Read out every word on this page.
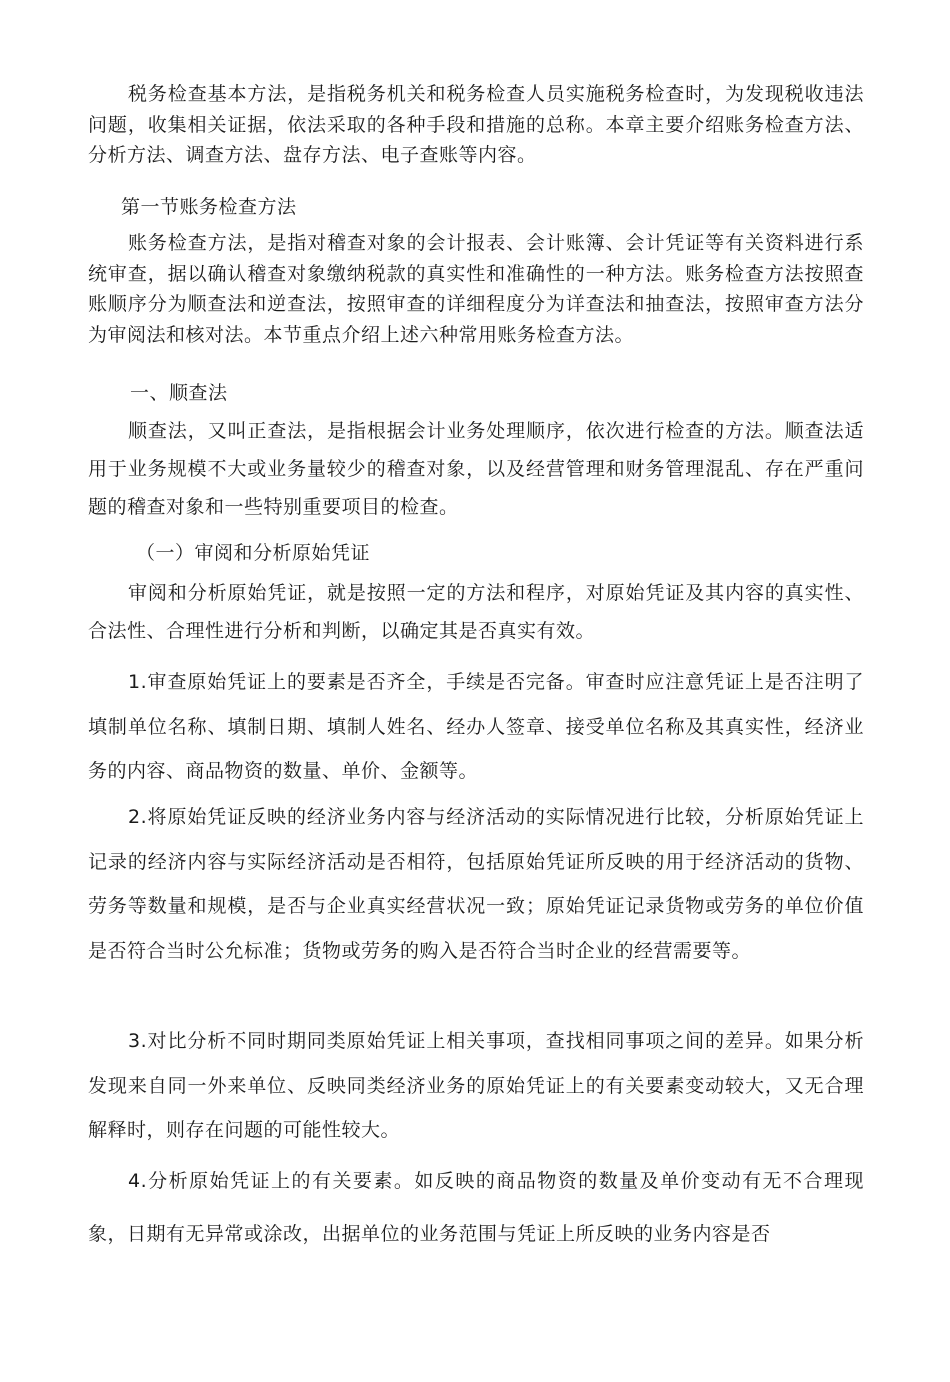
税务检查基本方法，是指税务机关和税务检查人员实施税务检查时，为发现税收违法问题，收集相关证据，依法采取的各种手段和措施的总称。本章主要介绍账务检查方法、分析方法、调查方法、盘存方法、电子查账等内容。

第一节账务检查方法

账务检查方法，是指对稽查对象的会计报表、会计账簿、会计凭证等有关资料进行系统审查，据以确认稽查对象缴纳税款的真实性和准确性的一种方法。账务检查方法按照查账顺序分为顺查法和逆查法，按照审查的详细程度分为详查法和抽查法，按照审查方法分为审阅法和核对法。本节重点介绍上述六种常用账务检查方法。

一、顺查法

顺查法，又叫正查法，是指根据会计业务处理顺序，依次进行检查的方法。顺查法适用于业务规模不大或业务量较少的稽查对象，以及经营管理和财务管理混乱、存在严重问题的稽查对象和一些特别重要项目的检查。

（一）审阅和分析原始凭证

审阅和分析原始凭证，就是按照一定的方法和程序，对原始凭证及其内容的真实性、合法性、合理性进行分析和判断，以确定其是否真实有效。

1.审查原始凭证上的要素是否齐全，手续是否完备。审查时应注意凭证上是否注明了填制单位名称、填制日期、填制人姓名、经办人签章、接受单位名称及其真实性，经济业务的内容、商品物资的数量、单价、金额等。

2.将原始凭证反映的经济业务内容与经济活动的实际情况进行比较，分析原始凭证上记录的经济内容与实际经济活动是否相符，包括原始凭证所反映的用于经济活动的货物、劳务等数量和规模，是否与企业真实经营状况一致；原始凭证记录货物或劳务的单位价值是否符合当时公允标准；货物或劳务的购入是否符合当时企业的经营需要等。

3.对比分析不同时期同类原始凭证上相关事项，查找相同事项之间的差异。如果分析发现来自同一外来单位、反映同类经济业务的原始凭证上的有关要素变动较大，又无合理解释时，则存在问题的可能性较大。

4.分析原始凭证上的有关要素。如反映的商品物资的数量及单价变动有无不合理现象，日期有无异常或涂改，出据单位的业务范围与凭证上所反映的业务内容是否
